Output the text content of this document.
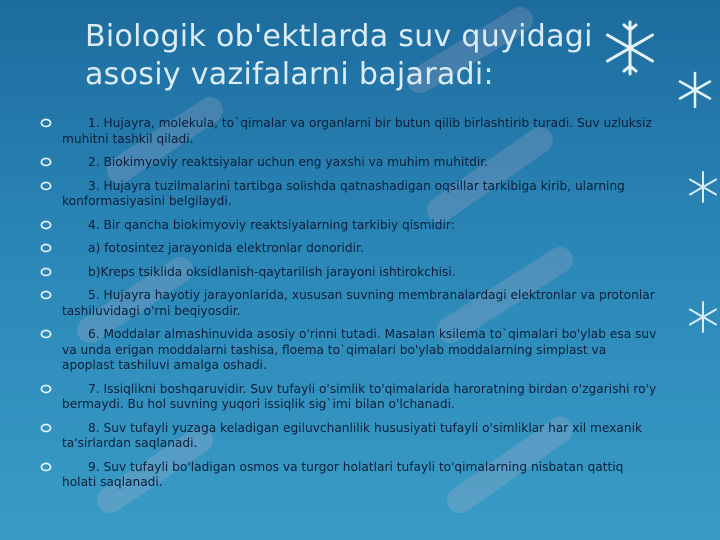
Biologik ob'ektlarda suv quyidagi
asosiy vazifalarni bajaradi:
1. Hujayra, molekula, to`qimalar va organlarni bir butun qilib birlashtirib turadi. Suv uzluksiz muhitni tashkil qiladi.
2. Biokimyoviy reaktsiyalar uchun eng yaxshi va muhim muhitdir.
3. Hujayra tuzilmalarini tartibga solishda qatnashadigan oqsillar tarkibiga kirib, ularning konformasiyasini belgilaydi.
4. Bir qancha biokimyoviy reaktsiyalarning tarkibiy qismidir:
a) fotosintez jarayonida elektronlar donoridir.
b)Kreps tsiklida oksidlanish-qaytarilish jarayoni ishtirokchisi.
5. Hujayra hayotiy jarayonlarida, xususan suvning membranalardagi elektronlar va protonlar tashiluvidagi o'rni beqiyosdir.
6. Moddalar almashinuvida asosiy o'rinni tutadi. Masalan ksilema to`qimalari bo'ylab esa suv va unda erigan moddalarni tashisa, floema to`qimalari bo'ylab moddalarning simplast va apoplast tashiluvi amalga oshadi.
7. Issiqlikni boshqaruvidir. Suv tufayli o'simlik to'qimalarida haroratning birdan o'zgarishi ro'y bermaydi. Bu hol suvning yuqori issiqlik sig`imi bilan o'lchanadi.
8. Suv tufayli yuzaga keladigan egiluvchanlilik hususiyati tufayli o'simliklar har xil mexanik ta'sirlardan saqlanadi.
9. Suv tufayli bo'ladigan osmos va turgor holatlari tufayli to'qimalarning nisbatan qattiq holati saqlanadi.
